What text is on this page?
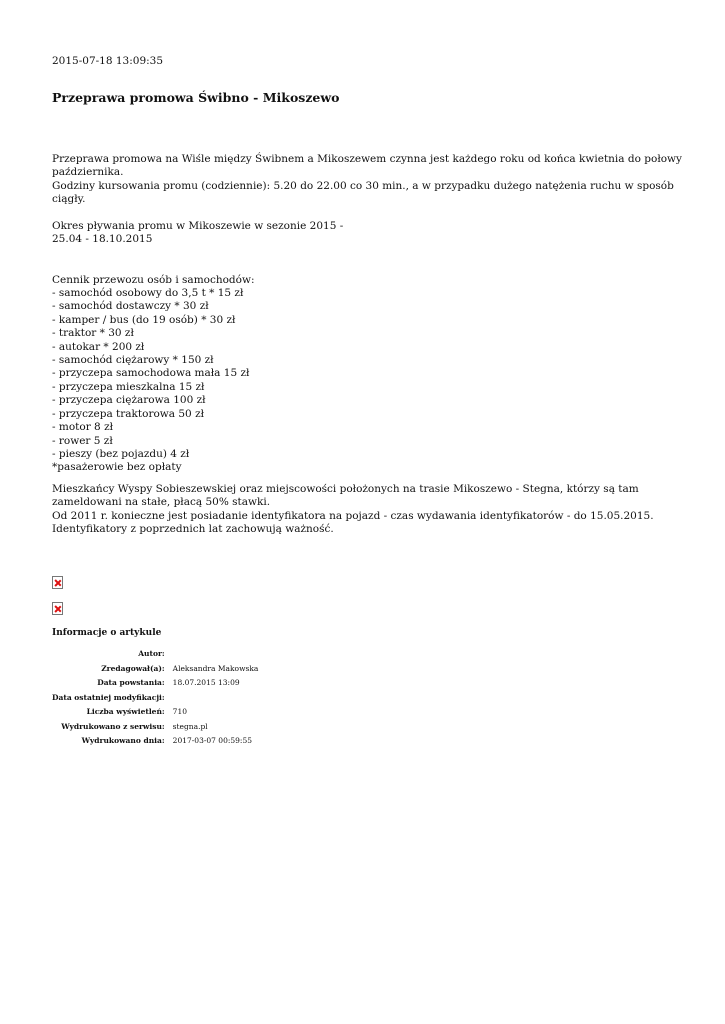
2015-07-18 13:09:35
Przeprawa promowa Świbno - Mikoszewo

Przeprawa promowa na Wiśle między Świbnem a Mikoszewem czynna jest każdego roku od końca kwietnia do połowy października.

Godziny kursowania promu (codziennie): 5.20 do 22.00 co 30 min., a w przypadku dużego natężenia ruchu w sposób ciągły.

Okres pływania promu w Mikoszewie w sezonie 2015 -

25.04 - 18.10.2015

Cennik przewozu osób i samochodów:

- samochód osobowy do 3,5 t * 15 zł

- samochód dostawczy * 30 zł

- kamper / bus (do 19 osób) * 30 zł

- traktor * 30 zł

- autokar * 200 zł

- samochód ciężarowy * 150 zł

- przyczepa samochodowa mała 15 zł

- przyczepa mieszkalna 15 zł

- przyczepa ciężarowa 100 zł

- przyczepa traktorowa 50 zł

- motor 8 zł

- rower 5 zł

- pieszy (bez pojazdu) 4 zł

*pasażerowie bez opłaty

Mieszkańcy Wyspy Sobieszewskiej oraz miejscowości położonych na trasie Mikoszewo - Stegna, którzy są tam zameldowani na stałe, płacą 50% stawki.

Od 2011 r. konieczne jest posiadanie identyfikatora na pojazd - czas wydawania identyfikatorów - do 15.05.2015. Identyfikatory z poprzednich lat zachowują ważność.

Informacje o artykule
Autor:	
Zredagował(a):	Aleksandra Makowska
Data powstania:	18.07.2015 13:09
Data ostatniej modyfikacji:	
Liczba wyświetleń:	710
Wydrukowano z serwisu:	stegna.pl
Wydrukowano dnia:	2017-03-07 00:59:55
